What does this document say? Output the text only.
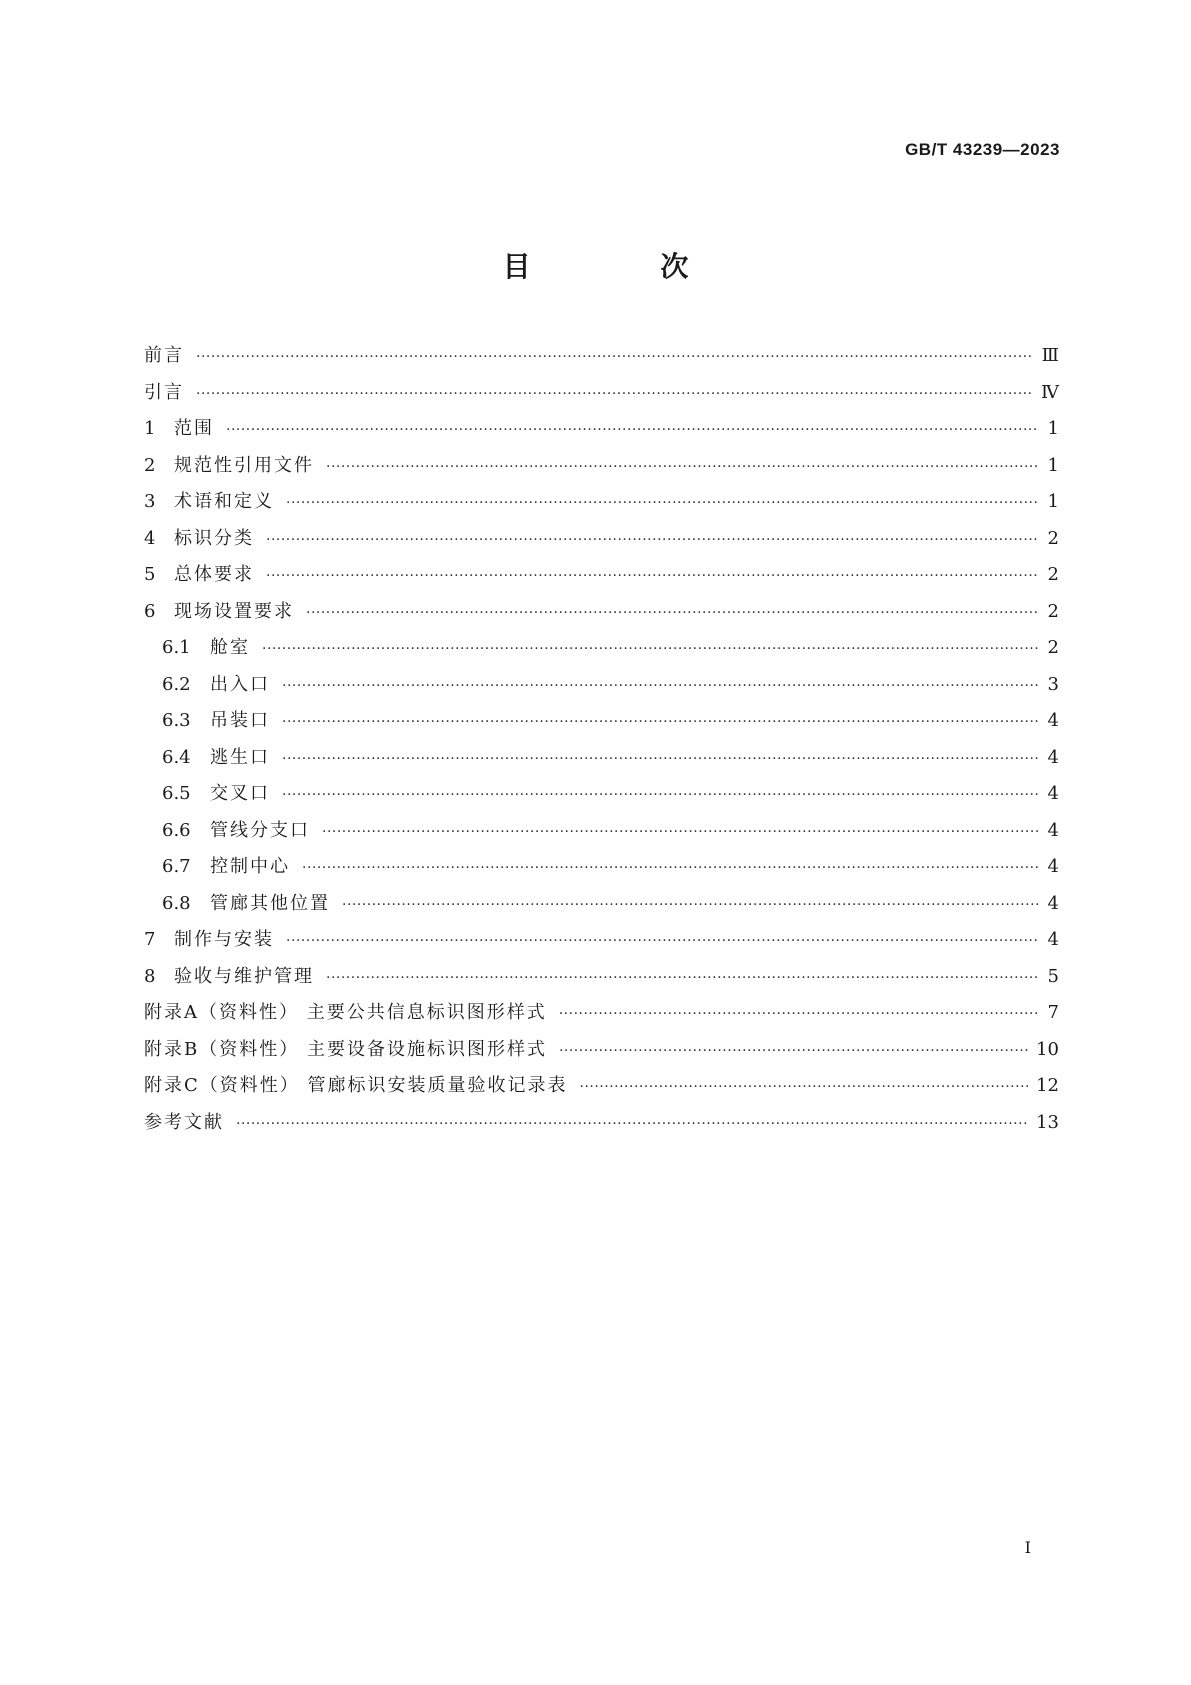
GB/T 43239—2023
目 次
前言 ·····	Ⅲ
引言 ·····	Ⅳ
1	范围 ·····	1
2	规范性引用文件 ·····	1
3	术语和定义 ·····	1
4	标识分类 ·····	2
5	总体要求 ·····	2
6	现场设置要求 ·····	2
6.1	舱室 ·····	2
6.2	出入口 ·····	3
6.3	吊装口 ·····	4
6.4	逃生口 ·····	4
6.5	交叉口 ·····	4
6.6	管线分支口 ·····	4
6.7	控制中心 ·····	4
6.8	管廊其他位置 ·····	4
7	制作与安装 ·····	4
8	验收与维护管理 ·····	5
附录A（资料性） 主要公共信息标识图形样式 ·····	7
附录B（资料性） 主要设备设施标识图形样式 ·····	10
附录C（资料性） 管廊标识安装质量验收记录表 ·····	12
参考文献 ·····	13
I
